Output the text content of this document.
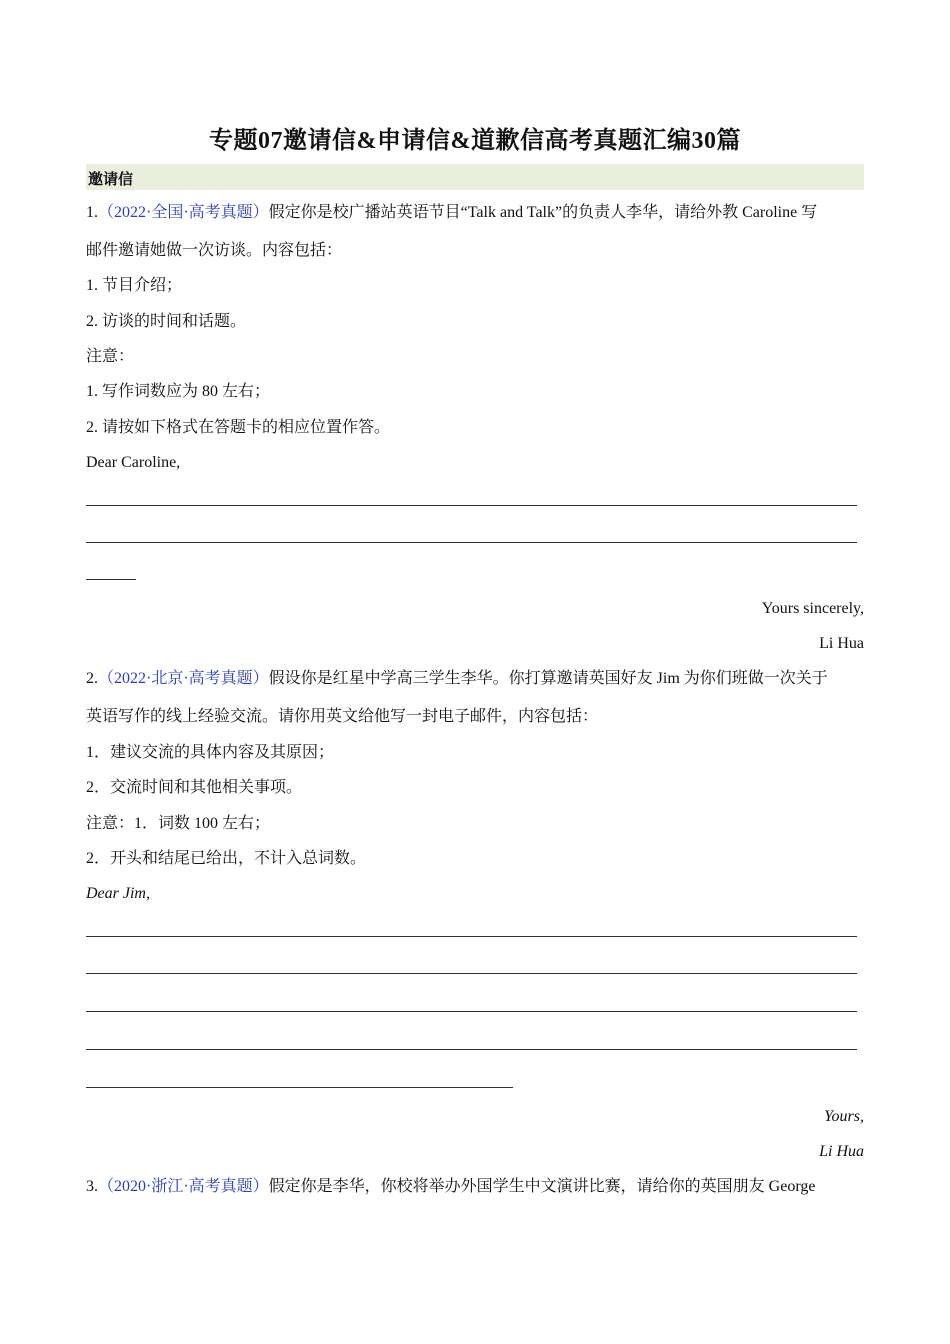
专题07邀请信&申请信&道歉信高考真题汇编30篇
邀请信
1.（2022·全国·高考真题）假定你是校广播站英语节目“Talk and Talk”的负责人李华，请给外教 Caroline 写
邮件邀请她做一次访谈。内容包括：
1. 节目介绍；
2. 访谈的时间和话题。
注意：
1. 写作词数应为 80 左右；
2. 请按如下格式在答题卡的相应位置作答。
Dear Caroline,
Yours sincerely,
Li Hua
2.（2022·北京·高考真题）假设你是红星中学高三学生李华。你打算邀请英国好友 Jim 为你们班做一次关于
英语写作的线上经验交流。请你用英文给他写一封电子邮件，内容包括：
1．建议交流的具体内容及其原因；
2．交流时间和其他相关事项。
注意：1．词数 100 左右；
2．开头和结尾已给出，不计入总词数。
Dear Jim,
Yours,
Li Hua
3.（2020·浙江·高考真题）假定你是李华，你校将举办外国学生中文演讲比赛，请给你的英国朋友 George
